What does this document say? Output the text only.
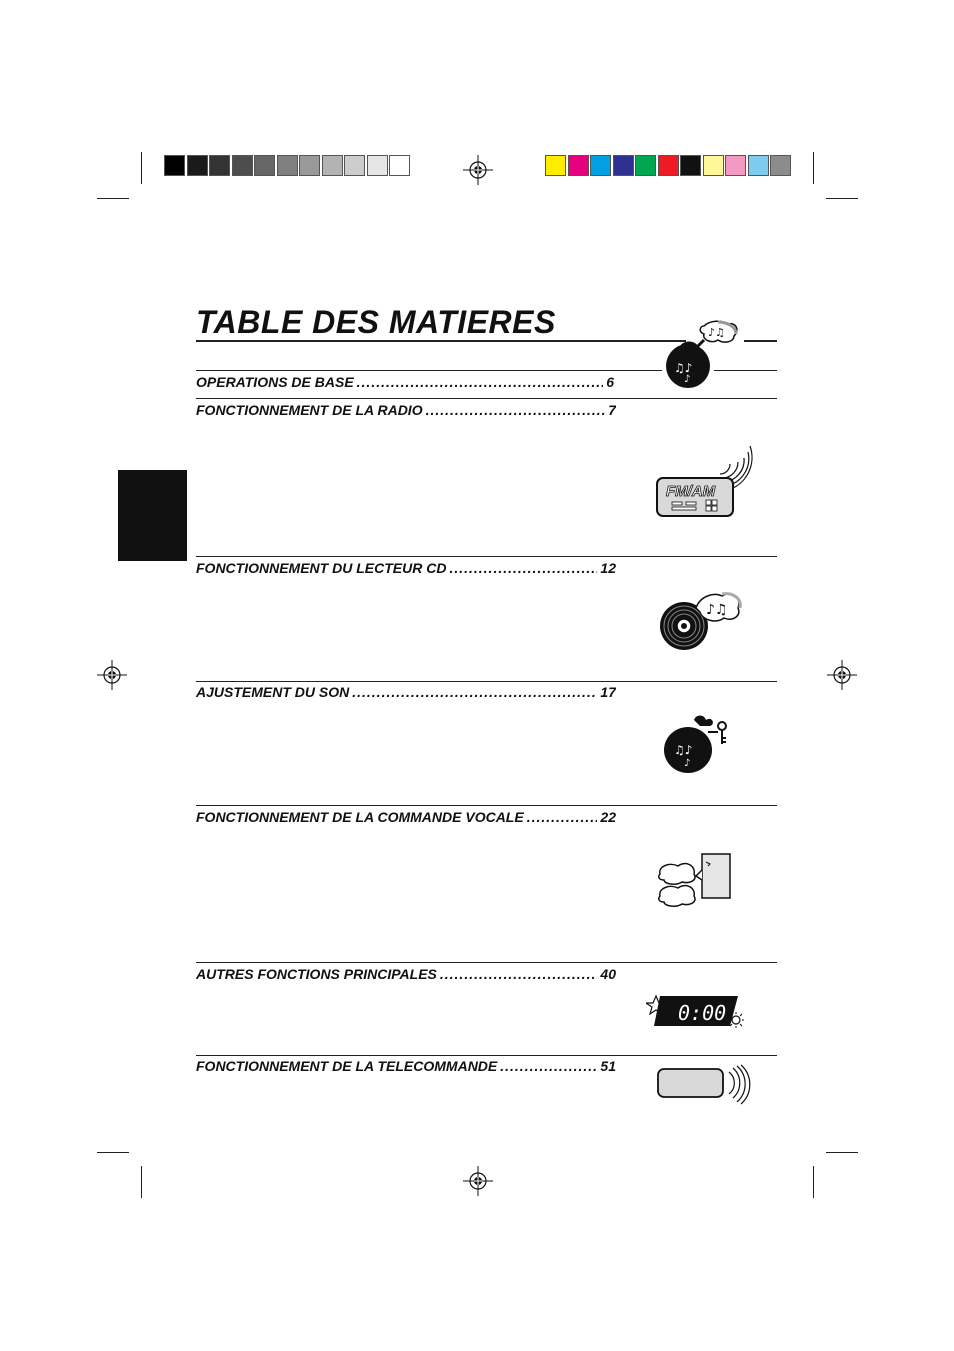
TABLE DES MATIERES
OPERATIONS DE BASE .....	6
FONCTIONNEMENT DE LA RADIO .....	7
FONCTIONNEMENT DU LECTEUR CD .....	12
AJUSTEMENT DU SON .....	17
FONCTIONNEMENT DE LA COMMANDE VOCALE .....	22
AUTRES FONCTIONS PRINCIPALES .....	40
FONCTIONNEMENT DE LA TELECOMMANDE .....	51
♪♫
♫♪
♪
FM/AM
♪♫
♫♪
♪
0:00
